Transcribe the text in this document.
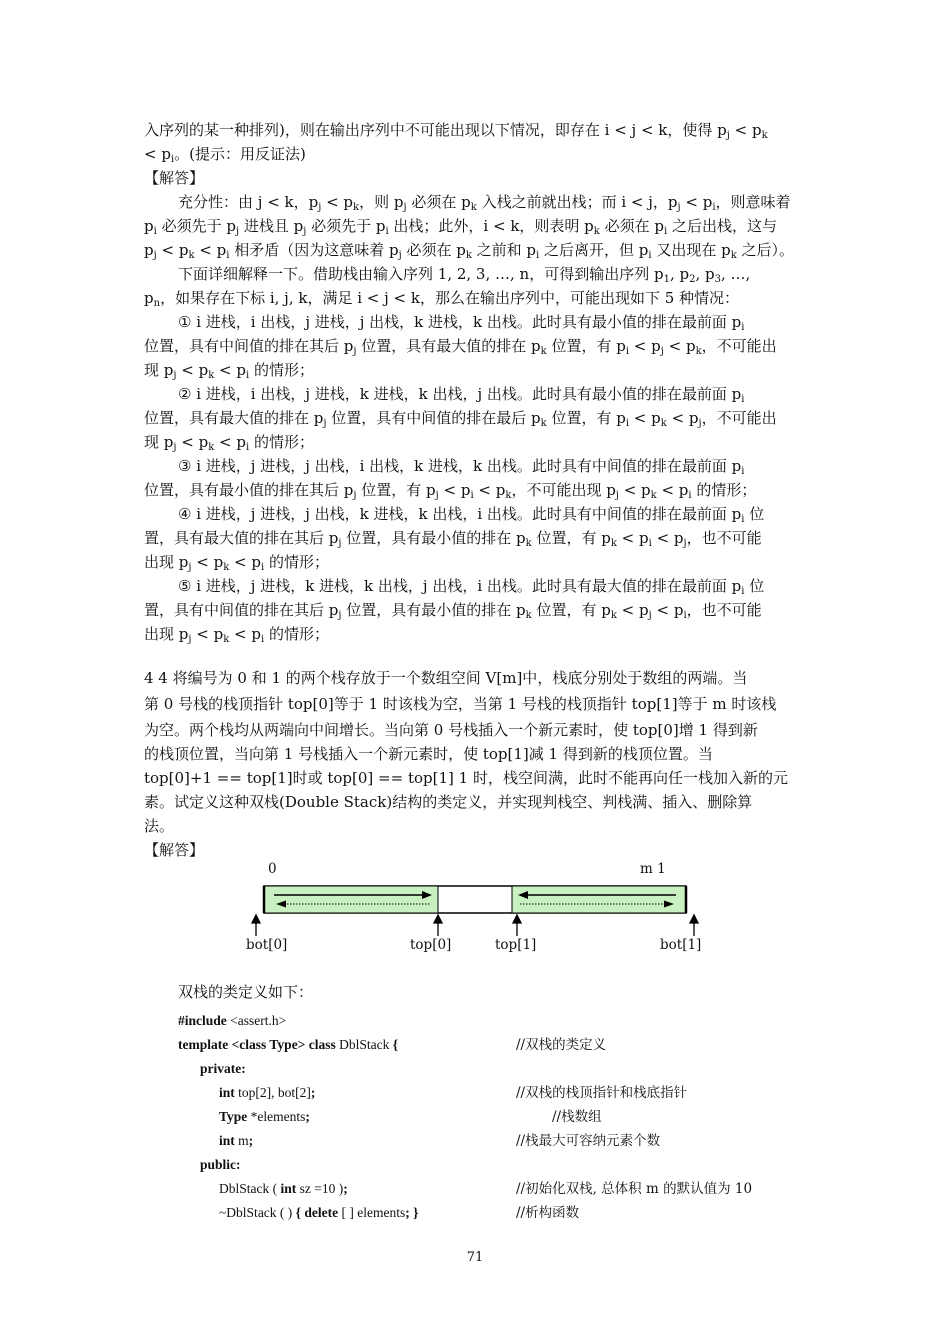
入序列的某一种排列)，则在输出序列中不可能出现以下情况，即存在 i < j < k，使得 $p_j < p_k$
< $p_i$。(提示：用反证法)
【解答】
充分性：由 j < k，$p_j < p_k$，则 $p_j$ 必须在 $p_k$ 入栈之前就出栈；而 i < j，$p_j < p_i$，则意味着
$p_i$ 必须先于 $p_j$ 进栈且 $p_j$ 必须先于 $p_i$ 出栈；此外，i < k，则表明 $p_k$ 必须在 $p_i$ 之后出栈，这与
$p_j < p_k < p_i$ 相矛盾（因为这意味着 $p_j$ 必须在 $p_k$ 之前和 $p_i$ 之后离开，但 $p_i$ 又出现在 $p_k$ 之后）。
下面详细解释一下。借助栈由输入序列 1, 2, 3, …, n，可得到输出序列 $p_1$, $p_2$, $p_3$, …,
$p_n$，如果存在下标 i, j, k，满足 i < j < k，那么在输出序列中，可能出现如下 5 种情况：
① i 进栈，i 出栈，j 进栈，j 出栈，k 进栈，k 出栈。此时具有最小值的排在最前面 $p_i$
位置，具有中间值的排在其后 $p_j$ 位置，具有最大值的排在 $p_k$ 位置，有 $p_i < p_j < p_k$，不可能出
现 $p_j < p_k < p_i$ 的情形；
② i 进栈，i 出栈，j 进栈，k 进栈，k 出栈，j 出栈。此时具有最小值的排在最前面 $p_i$
位置，具有最大值的排在 $p_j$ 位置，具有中间值的排在最后 $p_k$ 位置，有 $p_i < p_k < p_j$，不可能出
现 $p_j < p_k < p_i$ 的情形；
③ i 进栈，j 进栈，j 出栈，i 出栈，k 进栈，k 出栈。此时具有中间值的排在最前面 $p_i$
位置，具有最小值的排在其后 $p_j$ 位置，有 $p_j < p_i < p_k$，不可能出现 $p_j < p_k < p_i$ 的情形；
④ i 进栈，j 进栈，j 出栈，k 进栈，k 出栈，i 出栈。此时具有中间值的排在最前面 $p_i$ 位
置，具有最大值的排在其后 $p_j$ 位置，具有最小值的排在 $p_k$ 位置，有 $p_k < p_i < p_j$，也不可能
出现 $p_j < p_k < p_i$ 的情形；
⑤ i 进栈，j 进栈，k 进栈，k 出栈，j 出栈，i 出栈。此时具有最大值的排在最前面 $p_i$ 位
置，具有中间值的排在其后 $p_j$ 位置，具有最小值的排在 $p_k$ 位置，有 $p_k < p_j < p_i$，也不可能
出现 $p_j < p_k < p_i$ 的情形；
4 4 将编号为 0 和 1 的两个栈存放于一个数组空间 V[m]中，栈底分别处于数组的两端。当
第 0 号栈的栈顶指针 top[0]等于 1 时该栈为空，当第 1 号栈的栈顶指针 top[1]等于 m 时该栈
为空。两个栈均从两端向中间增长。当向第 0 号栈插入一个新元素时，使 top[0]增 1 得到新
的栈顶位置，当向第 1 号栈插入一个新元素时，使 top[1]减 1 得到新的栈顶位置。当
top[0]+1 == top[1]时或 top[0] == top[1] 1 时，栈空间满，此时不能再向任一栈加入新的元
素。试定义这种双栈(Double Stack)结构的类定义，并实现判栈空、判栈满、插入、删除算
法。
【解答】
0	m 1
bot[0]	top[0]	top[1]	bot[1]
双栈的类定义如下：
#include <assert.h>
template <class Type> class DblStack {	//双栈的类定义
private:
int top[2], bot[2];	//双栈的栈顶指针和栈底指针
Type *elements;	//栈数组
int m;	//栈最大可容纳元素个数
public:
DblStack ( int sz =10 );	//初始化双栈, 总体积 m 的默认值为 10
~DblStack ( ) { delete [ ] elements; }	//析构函数
71
